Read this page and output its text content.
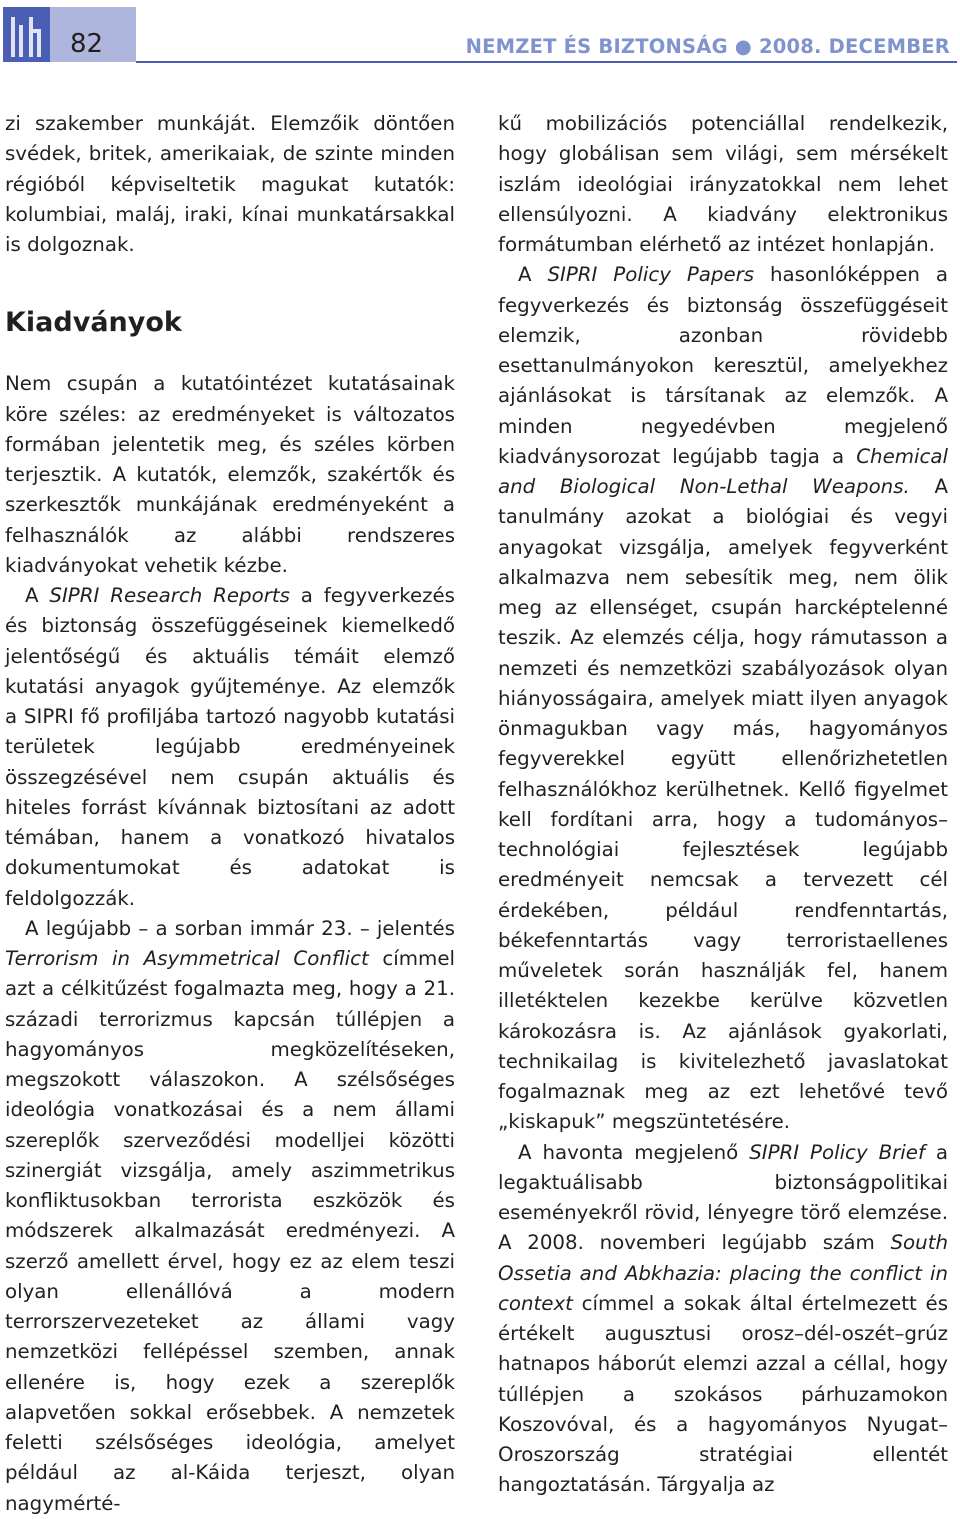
82	NEMZET ÉS BIZTONSÁG ● 2008. DECEMBER

zi szakember munkáját. Elemzőik döntően svédek, britek, amerikaiak, de szinte minden régióból képviseltetik magukat kutatók: kolumbiai, maláj, iraki, kínai munkatársakkal is dolgoznak.

Kiadványok

Nem csupán a kutatóintézet kutatásainak köre széles: az eredményeket is változatos formában jelentetik meg, és széles körben terjesztik. A kutatók, elemzők, szakértők és szerkesztők munkájának eredményeként a felhasználók az alábbi rendszeres kiadványokat vehetik kézbe.

A SIPRI Research Reports a fegyverkezés és biztonság összefüggéseinek kiemelkedő jelentőségű és aktuális témáit elemző kutatási anyagok gyűjteménye. Az elemzők a SIPRI fő profiljába tartozó nagyobb kutatási területek legújabb eredményeinek összegzésével nem csupán aktuális és hiteles forrást kívánnak biztosítani az adott témában, hanem a vonatkozó hivatalos dokumentumokat és adatokat is feldolgozzák.

A legújabb – a sorban immár 23. – jelentés Terrorism in Asymmetrical Conflict címmel azt a célkitűzést fogalmazta meg, hogy a 21. századi terrorizmus kapcsán túllépjen a hagyományos megközelítéseken, megszokott válaszokon. A szélsőséges ideológia vonatkozásai és a nem állami szereplők szerveződési modelljei közötti szinergiát vizsgálja, amely aszimmetrikus konfliktusokban terrorista eszközök és módszerek alkalmazását eredményezi. A szerző amellett érvel, hogy ez az elem teszi olyan ellenállóvá a modern terrorszervezeteket az állami vagy nemzetközi fellépéssel szemben, annak ellenére is, hogy ezek a szereplők alapvetően sokkal erősebbek. A nemzetek feletti szélsőséges ideológia, amelyet például az al-Káida terjeszt, olyan nagymérté-

kű mobilizációs potenciállal rendelkezik, hogy globálisan sem világi, sem mérsékelt iszlám ideológiai irányzatokkal nem lehet ellensúlyozni. A kiadvány elektronikus formátumban elérhető az intézet honlapján.

A SIPRI Policy Papers hasonlóképpen a fegyverkezés és biztonság összefüggéseit elemzik, azonban rövidebb esettanulmányokon keresztül, amelyekhez ajánlásokat is társítanak az elemzők. A minden negyedévben megjelenő kiadványsorozat legújabb tagja a Chemical and Biological Non-Lethal Weapons. A tanulmány azokat a biológiai és vegyi anyagokat vizsgálja, amelyek fegyverként alkalmazva nem sebesítik meg, nem ölik meg az ellenséget, csupán harcképtelenné teszik. Az elemzés célja, hogy rámutasson a nemzeti és nemzetközi szabályozások olyan hiányosságaira, amelyek miatt ilyen anyagok önmagukban vagy más, hagyományos fegyverekkel együtt ellenőrizhetetlen felhasználókhoz kerülhetnek. Kellő figyelmet kell fordítani arra, hogy a tudományos–technológiai fejlesztések legújabb eredményeit nemcsak a tervezett cél érdekében, például rendfenntartás, békefenntartás vagy terroristaellenes műveletek során használják fel, hanem illetéktelen kezekbe kerülve közvetlen károkozásra is. Az ajánlások gyakorlati, technikailag is kivitelezhető javaslatokat fogalmaznak meg az ezt lehetővé tevő „kiskapuk” megszüntetésére.

A havonta megjelenő SIPRI Policy Brief a legaktuálisabb biztonságpolitikai eseményekről rövid, lényegre törő elemzése. A 2008. novemberi legújabb szám South Ossetia and Abkhazia: placing the conflict in context címmel a sokak által értelmezett és értékelt augusztusi orosz–dél-oszét–grúz hatnapos háborút elemzi azzal a céllal, hogy túllépjen a szokásos párhuzamokon Koszovóval, és a hagyományos Nyugat–Oroszország stratégiai ellentét hangoztatásán. Tárgyalja az
